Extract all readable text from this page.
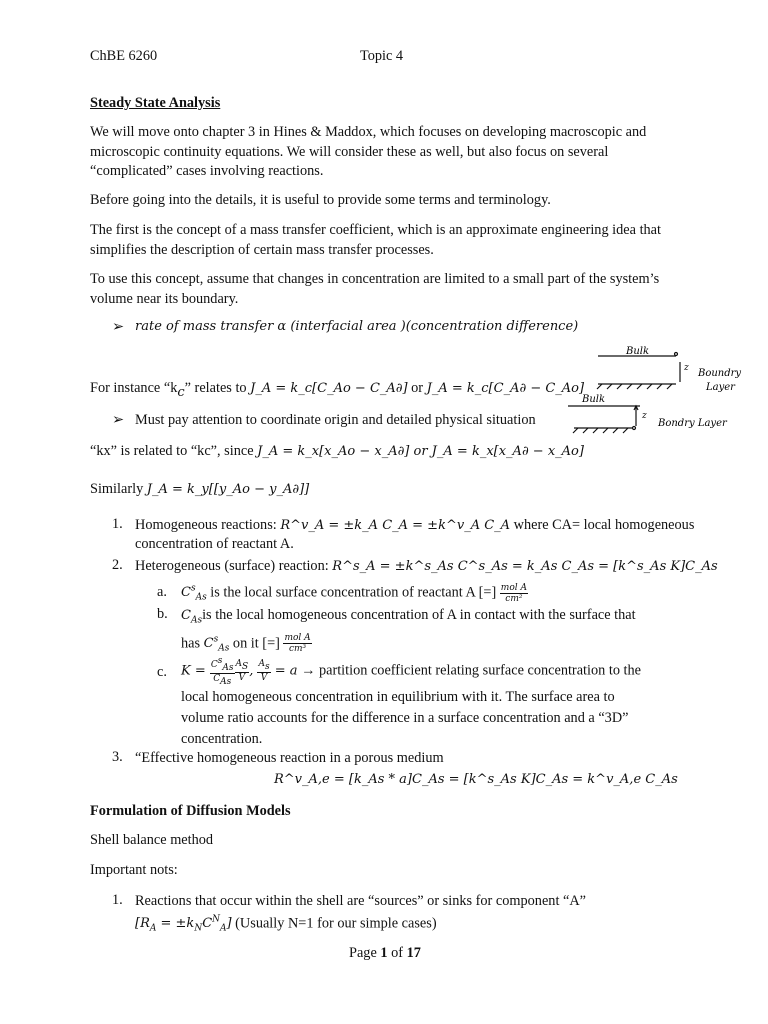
ChBE 6260	Topic 4
Steady State Analysis
We will move onto chapter 3 in Hines & Maddox, which focuses on developing macroscopic and microscopic continuity equations. We will consider these as well, but also focus on several “complicated” cases involving reactions.
Before going into the details, it is useful to provide some terms and terminology.
The first is the concept of a mass transfer coefficient, which is an approximate engineering idea that simplifies the description of certain mass transfer processes.
To use this concept, assume that changes in concentration are limited to a small part of the system’s volume near its boundary.
➢ rate of mass transfer α (interfacial area )(concentration difference)
For instance “$k_c$” relates to J_A = k_c[C_Ao − C_A∂] or J_A = k_c[C_A∂ − C_Ao]
➢ Must pay attention to coordinate origin and detailed physical situation
“kx” is related to “kc”, since J_A = k_x[x_Ao − x_A∂] or J_A = k_x[x_A∂ − x_Ao]
Similarly J_A = k_y[[y_Ao − y_A∂]]
Bulk
z Boundry
Layer
Bulk
z
Bondry Layer
1. Homogeneous reactions: R^v_A = ±k_A C_A = ±k^v_A C_A where CA= local homogeneous
concentration of reactant A.
2. Heterogeneous (surface) reaction: R^s_A = ±k^s_As C^s_As = k_As C_As = [k^s_As K]C_As
a. $C^s_{As}$ is the local surface concentration of reactant A [=] $\frac{\text{mol A}}{\text{cm²}}$
b. $C_{As}is$ the local homogeneous concentration of A in contact with the surface that
has $C^s_{As}$ on it [=] $\frac{\text{mol A}}{\text{cm³}}$
c. $K = \frac{C^s_{As}}{C_{As}} \frac{A_S}{V}$ , $\frac{A_s}{V} = a$ → partition coefficient relating surface concentration to the
local homogeneous concentration in equilibrium with it. The surface area to
volume ratio accounts for the difference in a surface concentration and a “3D”
concentration.
3. “Effective homogeneous reaction in a porous medium
R^v_A,e = [k_As * a]C_As = [k^s_As K]C_As = k^v_A,e C_As
Formulation of Diffusion Models
Shell balance method
Important nots:
1. Reactions that occur within the shell are “sources” or sinks for component “A”
$[R_A = \pm k_NC^N_A]$ (Usually N=1 for our simple cases)
Page 1 of 17
